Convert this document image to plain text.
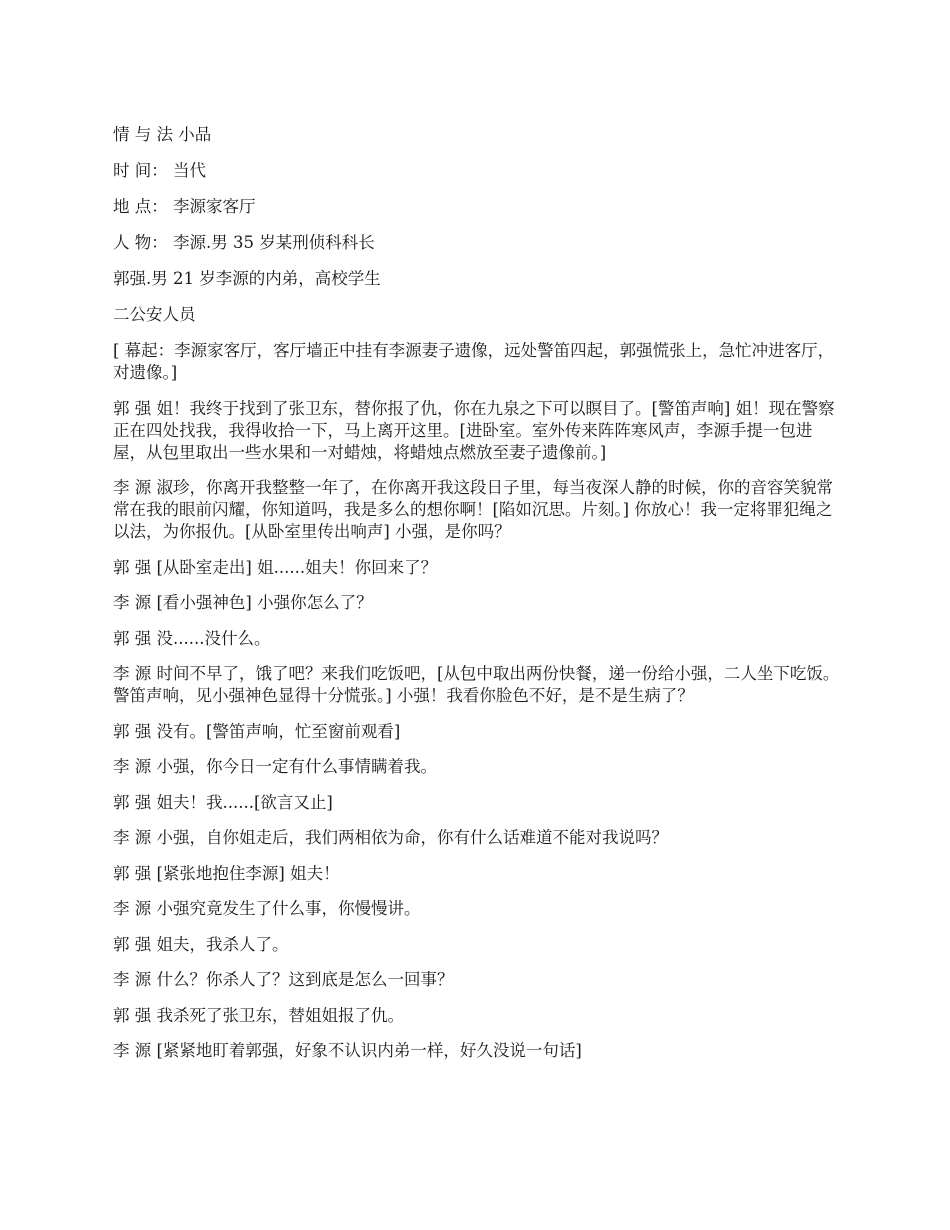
情 与 法 小品

时 间： 当代

地 点： 李源家客厅

人 物： 李源.男 35 岁某刑侦科科长

郭强.男 21 岁李源的内弟，高校学生

二公安人员

[ 幕起：李源家客厅，客厅墙正中挂有李源妻子遗像，远处警笛四起，郭强慌张上，急忙冲进客厅，对遗像。]

郭 强 姐！我终于找到了张卫东，替你报了仇，你在九泉之下可以瞑目了。[警笛声响] 姐！现在警察正在四处找我，我得收拾一下，马上离开这里。[进卧室。室外传来阵阵寒风声，李源手提一包进屋，从包里取出一些水果和一对蜡烛，将蜡烛点燃放至妻子遗像前。]

李 源 淑珍，你离开我整整一年了，在你离开我这段日子里，每当夜深人静的时候，你的音容笑貌常常在我的眼前闪耀，你知道吗，我是多么的想你啊！[陷如沉思。片刻。] 你放心！我一定将罪犯绳之以法，为你报仇。[从卧室里传出响声] 小强，是你吗？

郭 强 [从卧室走出] 姐......姐夫！你回来了？

李 源 [看小强神色] 小强你怎么了？

郭 强 没......没什么。

李 源 时间不早了，饿了吧？来我们吃饭吧，[从包中取出两份快餐，递一份给小强，二人坐下吃饭。警笛声响，见小强神色显得十分慌张。] 小强！我看你脸色不好，是不是生病了？

郭 强 没有。[警笛声响，忙至窗前观看]

李 源 小强，你今日一定有什么事情瞒着我。

郭 强 姐夫！我......[欲言又止]

李 源 小强，自你姐走后，我们两相依为命，你有什么话难道不能对我说吗？

郭 强 [紧张地抱住李源] 姐夫！

李 源 小强究竟发生了什么事，你慢慢讲。

郭 强 姐夫，我杀人了。

李 源 什么？你杀人了？这到底是怎么一回事？

郭 强 我杀死了张卫东，替姐姐报了仇。

李 源 [紧紧地盯着郭强，好象不认识内弟一样，好久没说一句话]
